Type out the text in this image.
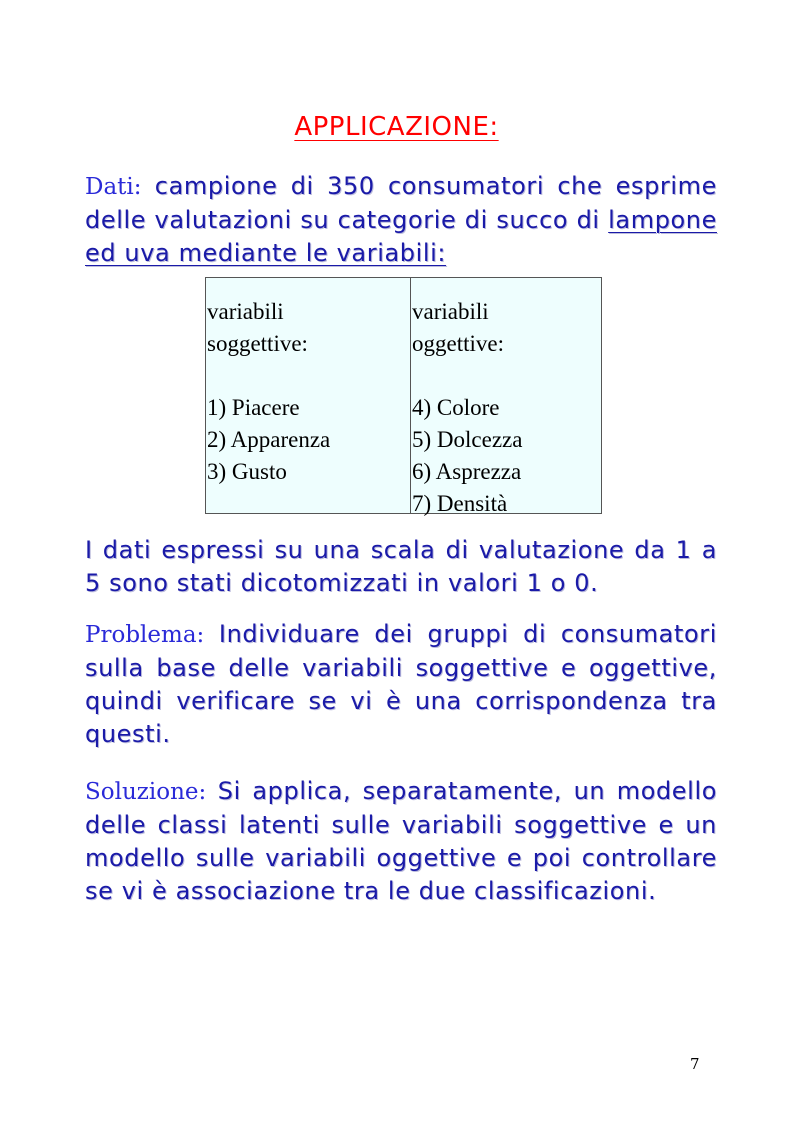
APPLICAZIONE:
Dati: campione di 350 consumatori che esprime delle valutazioni su categorie di succo di lampone ed uva mediante le variabili:
variabili
soggettive:
1) Piacere
2) Apparenza
3) Gusto
variabili
oggettive:
4) Colore
5) Dolcezza
6) Asprezza
7) Densità
I dati espressi su una scala di valutazione da 1 a 5 sono stati dicotomizzati in valori 1 o 0.
Problema: Individuare dei gruppi di consumatori sulla base delle variabili soggettive e oggettive, quindi verificare se vi è una corrispondenza tra questi.
Soluzione: Si applica, separatamente, un modello delle classi latenti sulle variabili soggettive e un modello sulle variabili oggettive e poi controllare se vi è associazione tra le due classificazioni.
7
